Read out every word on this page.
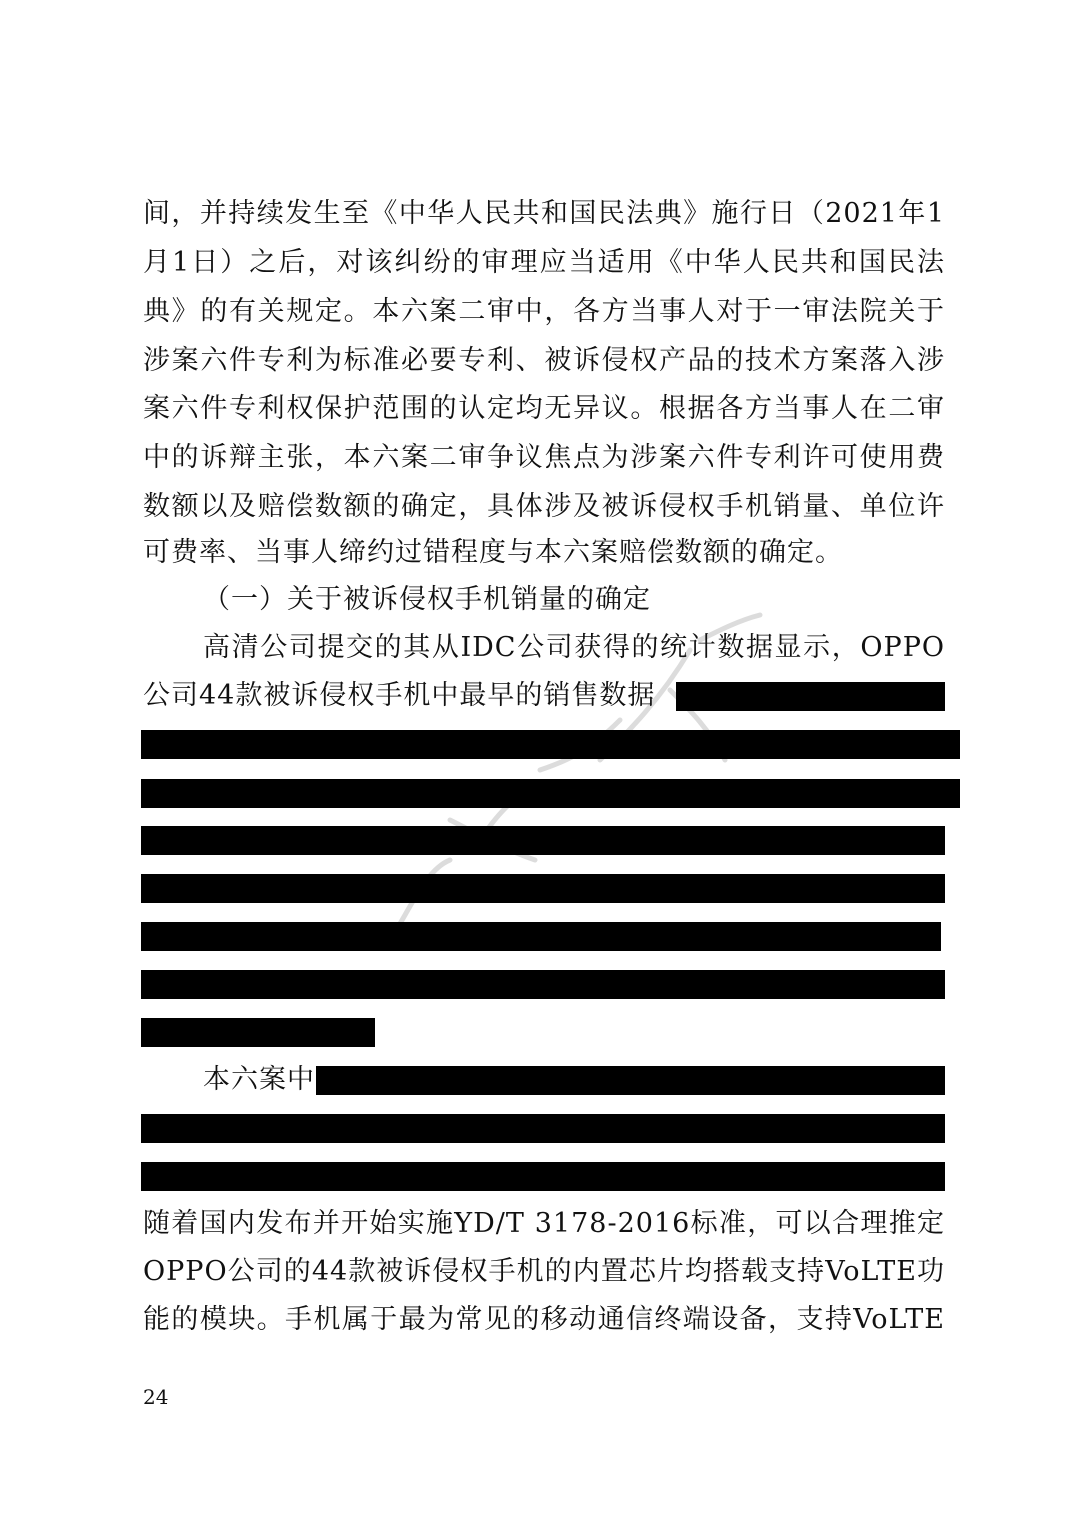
间，并持续发生至《中华人民共和国民法典》施行日（2021年1
月1日）之后，对该纠纷的审理应当适用《中华人民共和国民法
典》的有关规定。本六案二审中，各方当事人对于一审法院关于
涉案六件专利为标准必要专利、被诉侵权产品的技术方案落入涉
案六件专利权保护范围的认定均无异议。根据各方当事人在二审
中的诉辩主张，本六案二审争议焦点为涉案六件专利许可使用费
数额以及赔偿数额的确定，具体涉及被诉侵权手机销量、单位许
可费率、当事人缔约过错程度与本六案赔偿数额的确定。
（一）关于被诉侵权手机销量的确定
高清公司提交的其从IDC公司获得的统计数据显示，OPPO
公司44款被诉侵权手机中最早的销售数据
本六案中
随着国内发布并开始实施YD/T 3178-2016标准，可以合理推定
OPPO公司的44款被诉侵权手机的内置芯片均搭载支持VoLTE功
能的模块。手机属于最为常见的移动通信终端设备，支持VoLTE
24
